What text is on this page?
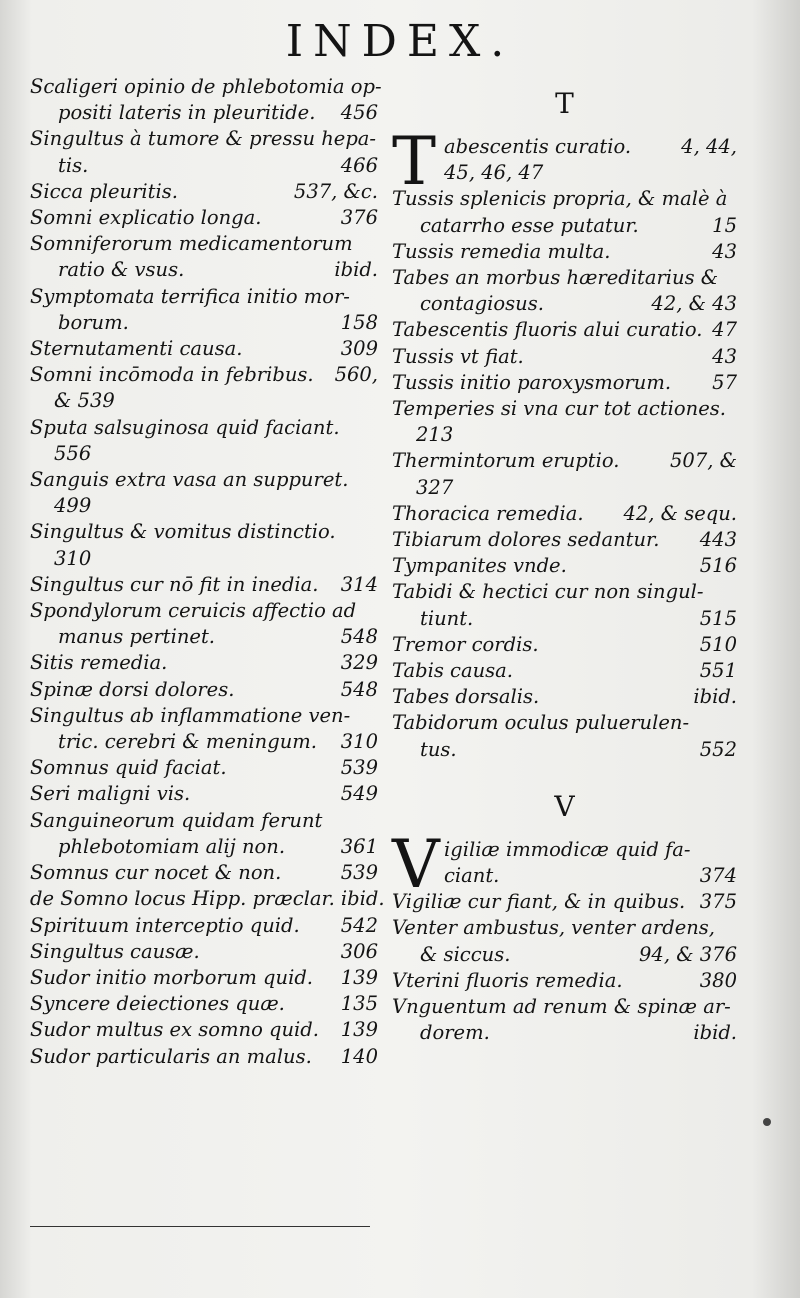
INDEX.
Scaligeri opinio de phlebotomia op-
positi lateris in pleuritide.	456
Singultus à tumore & pressu hepa-
tis.	466
Sicca pleuritis.	537, &c.
Somni explicatio longa.	376
Somniferorum medicamentorum
ratio & vsus.	ibid.
Symptomata terrifica initio mor-
borum.	158
Sternutamenti causa.	309
Somni incōmoda in febribus.	560,
& 539
Sputa salsuginosa quid faciant.
556
Sanguis extra vasa an suppuret.
499
Singultus & vomitus distinctio.
310
Singultus cur nō fit in inedia.	314
Spondylorum ceruicis affectio ad
manus pertinet.	548
Sitis remedia.	329
Spinæ dorsi dolores.	548
Singultus ab inflammatione ven-
tric. cerebri & meningum.	310
Somnus quid faciat.	539
Seri maligni vis.	549
Sanguineorum quidam ferunt
phlebotomiam alij non.	361
Somnus cur nocet & non.	539
de Somno locus Hipp. præclar. ibid.
Spirituum interceptio quid.	542
Singultus causæ.	306
Sudor initio morborum quid.	139
Syncere deiectiones quæ.	135
Sudor multus ex somno quid.	139
Sudor particularis an malus.	140
T
T abescentis curatio.	4, 44,
45, 46, 47
Tussis splenicis propria, & malè à
catarrho esse putatur.	15
Tussis remedia multa.	43
Tabes an morbus hæreditarius &
contagiosus.	42, & 43
Tabescentis fluoris alui curatio. 47
Tussis vt fiat.	43
Tussis initio paroxysmorum.	57
Temperies si vna cur tot actiones.
213
Thermintorum eruptio.	507, &
327
Thoracica remedia.	42, & sequ.
Tibiarum dolores sedantur.	443
Tympanites vnde.	516
Tabidi & hectici cur non singul-
tiunt.	515
Tremor cordis.	510
Tabis causa.	551
Tabes dorsalis.	ibid.
Tabidorum oculus puluerulen-
tus.	552
V
V igiliæ immodicæ quid fa-
ciant.	374
Vigiliæ cur fiant, & in quibus. 375
Venter ambustus, venter ardens,
& siccus.	94, & 376
Vterini fluoris remedia.	380
Vnguentum ad renum & spinæ ar-
dorem.	ibid.
